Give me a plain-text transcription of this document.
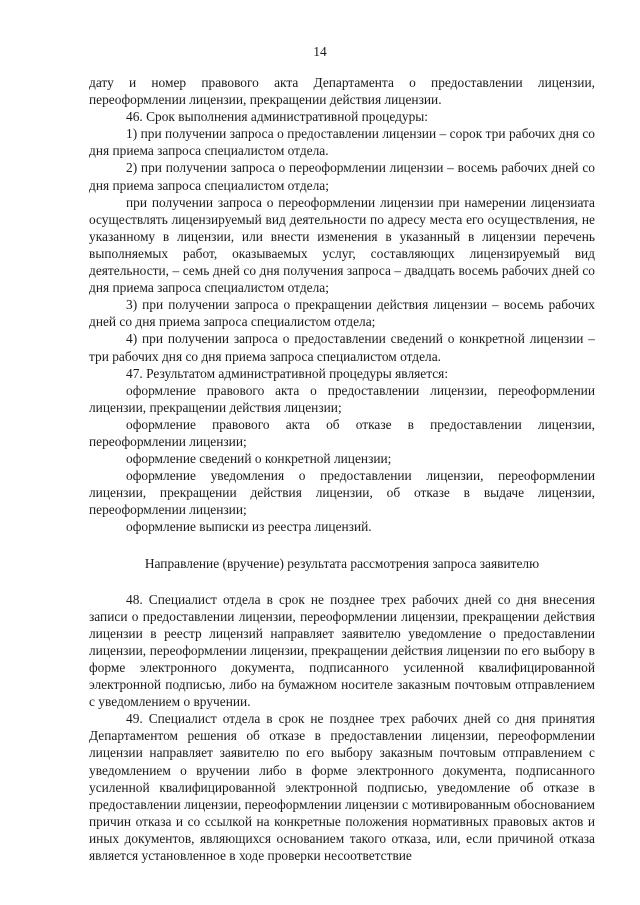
14

дату и номер правового акта Департамента о предоставлении лицензии, переоформлении лицензии, прекращении действия лицензии.

46. Срок выполнения административной процедуры:

1) при получении запроса о предоставлении лицензии – сорок три рабочих дня со дня приема запроса специалистом отдела.

2) при получении запроса о переоформлении лицензии – восемь рабочих дней со дня приема запроса специалистом отдела;

при получении запроса о переоформлении лицензии при намерении лицензиата осуществлять лицензируемый вид деятельности по адресу места его осуществления, не указанному в лицензии, или внести изменения в указанный в лицензии перечень выполняемых работ, оказываемых услуг, составляющих лицензируемый вид деятельности, – семь дней со дня получения запроса – двадцать восемь рабочих дней со дня приема запроса специалистом отдела;

3) при получении запроса о прекращении действия лицензии – восемь рабочих дней со дня приема запроса специалистом отдела;

4) при получении запроса о предоставлении сведений о конкретной лицензии – три рабочих дня со дня приема запроса специалистом отдела.

47. Результатом административной процедуры является:

оформление правового акта о предоставлении лицензии, переоформлении лицензии, прекращении действия лицензии;

оформление правового акта об отказе в предоставлении лицензии, переоформлении лицензии;

оформление сведений о конкретной лицензии;

оформление уведомления о предоставлении лицензии, переоформлении лицензии, прекращении действия лицензии, об отказе в выдаче лицензии, переоформлении лицензии;

оформление выписки из реестра лицензий.

Направление (вручение) результата рассмотрения запроса заявителю

48. Специалист отдела в срок не позднее трех рабочих дней со дня внесения записи о предоставлении лицензии, переоформлении лицензии, прекращении действия лицензии в реестр лицензий направляет заявителю уведомление о предоставлении лицензии, переоформлении лицензии, прекращении действия лицензии по его выбору в форме электронного документа, подписанного усиленной квалифицированной электронной подписью, либо на бумажном носителе заказным почтовым отправлением с уведомлением о вручении.

49. Специалист отдела в срок не позднее трех рабочих дней со дня принятия Департаментом решения об отказе в предоставлении лицензии, переоформлении лицензии направляет заявителю по его выбору заказным почтовым отправлением с уведомлением о вручении либо в форме электронного документа, подписанного усиленной квалифицированной электронной подписью, уведомление об отказе в предоставлении лицензии, переоформлении лицензии с мотивированным обоснованием причин отказа и со ссылкой на конкретные положения нормативных правовых актов и иных документов, являющихся основанием такого отказа, или, если причиной отказа является установленное в ходе проверки несоответствие
